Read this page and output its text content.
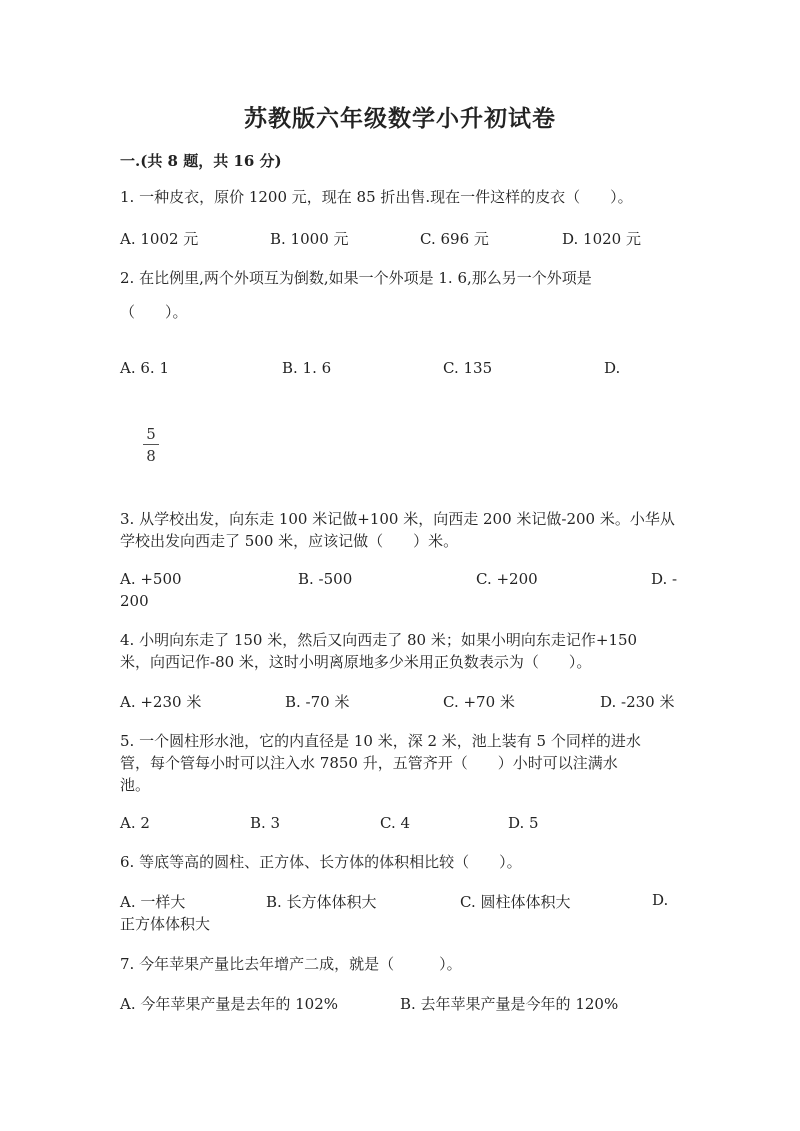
苏教版六年级数学小升初试卷
一.(共 8 题，共 16 分)
1. 一种皮衣，原价 1200 元，现在 85 折出售.现在一件这样的皮衣（　　）。
A. 1002 元	B. 1000 元	C. 696 元	D. 1020 元
2. 在比例里,两个外项互为倒数,如果一个外项是 1. 6,那么另一个外项是
（　　）。
A. 6. 1	B. 1. 6	C. 135	D.
5
8
3. 从学校出发，向东走 100 米记做+100 米，向西走 200 米记做-200 米。小华从
学校出发向西走了 500 米，应该记做（　　）米。
A. +500	B. -500	C. +200	D. -
200
4. 小明向东走了 150 米，然后又向西走了 80 米；如果小明向东走记作+150
米，向西记作-80 米，这时小明离原地多少米用正负数表示为（　　）。
A. +230 米	B. -70 米	C. +70 米	D. -230 米
5. 一个圆柱形水池，它的内直径是 10 米，深 2 米，池上装有 5 个同样的进水
管，每个管每小时可以注入水 7850 升，五管齐开（　　）小时可以注满水
池。
A. 2	B. 3	C. 4	D. 5
6. 等底等高的圆柱、正方体、长方体的体积相比较（　　）。
A. 一样大	B. 长方体体积大	C. 圆柱体体积大	D.
正方体体积大
7. 今年苹果产量比去年增产二成，就是（　　　）。
A. 今年苹果产量是去年的 102%	B. 去年苹果产量是今年的 120%
